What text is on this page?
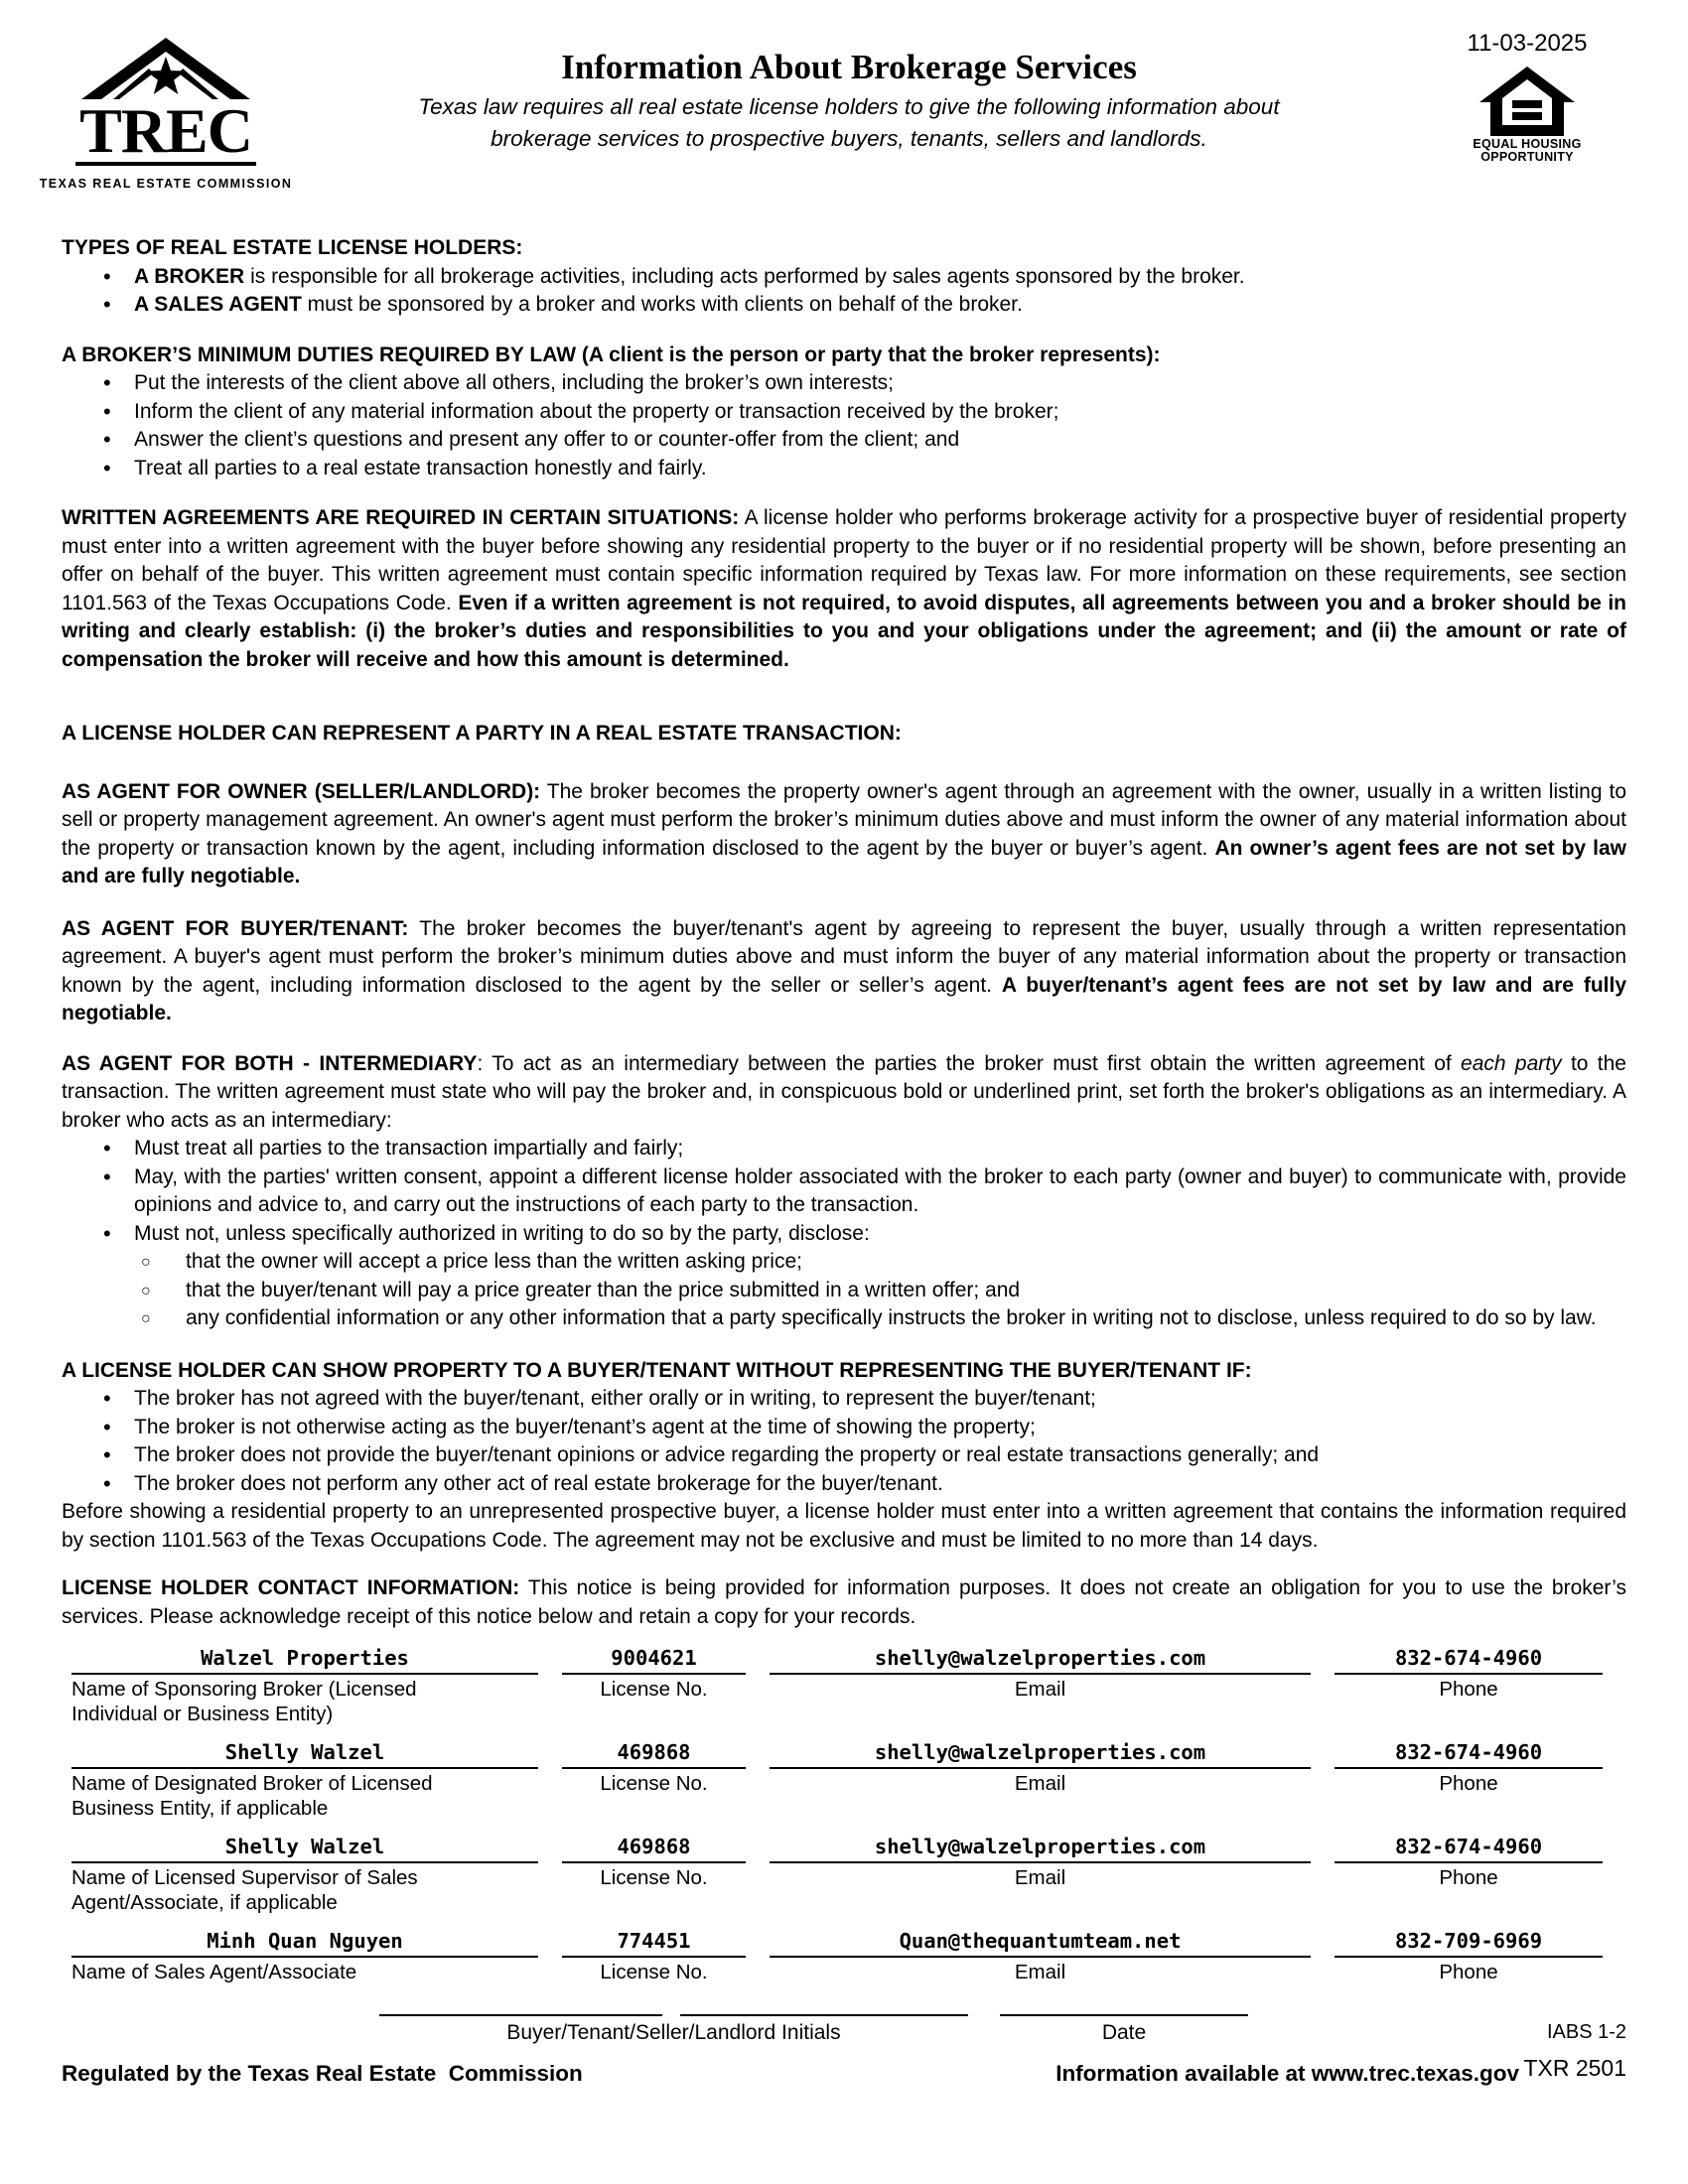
TREC
TEXAS REAL ESTATE COMMISSION
Information About Brokerage Services
Texas law requires all real estate license holders to give the following information about
brokerage services to prospective buyers, tenants, sellers and landlords.
11-03-2025
EQUAL HOUSING
OPPORTUNITY
TYPES OF REAL ESTATE LICENSE HOLDERS:
• A BROKER is responsible for all brokerage activities, including acts performed by sales agents sponsored by the broker.
• A SALES AGENT must be sponsored by a broker and works with clients on behalf of the broker.
A BROKER’S MINIMUM DUTIES REQUIRED BY LAW (A client is the person or party that the broker represents):
• Put the interests of the client above all others, including the broker’s own interests;
• Inform the client of any material information about the property or transaction received by the broker;
• Answer the client’s questions and present any offer to or counter-offer from the client; and
• Treat all parties to a real estate transaction honestly and fairly.

WRITTEN AGREEMENTS ARE REQUIRED IN CERTAIN SITUATIONS: A license holder who performs brokerage activity for a prospective buyer of residential property must enter into a written agreement with the buyer before showing any residential property to the buyer or if no residential property will be shown, before presenting an offer on behalf of the buyer. This written agreement must contain specific information required by Texas law. For more information on these requirements, see section 1101.563 of the Texas Occupations Code. Even if a written agreement is not required, to avoid disputes, all agreements between you and a broker should be in writing and clearly establish: (i) the broker’s duties and responsibilities to you and your obligations under the agreement; and (ii) the amount or rate of compensation the broker will receive and how this amount is determined.

A LICENSE HOLDER CAN REPRESENT A PARTY IN A REAL ESTATE TRANSACTION:

AS AGENT FOR OWNER (SELLER/LANDLORD): The broker becomes the property owner's agent through an agreement with the owner, usually in a written listing to sell or property management agreement. An owner's agent must perform the broker’s minimum duties above and must inform the owner of any material information about the property or transaction known by the agent, including information disclosed to the agent by the buyer or buyer’s agent. An owner’s agent fees are not set by law and are fully negotiable.

AS AGENT FOR BUYER/TENANT: The broker becomes the buyer/tenant's agent by agreeing to represent the buyer, usually through a written representation agreement. A buyer's agent must perform the broker’s minimum duties above and must inform the buyer of any material information about the property or transaction known by the agent, including information disclosed to the agent by the seller or seller’s agent. A buyer/tenant’s agent fees are not set by law and are fully negotiable.

AS AGENT FOR BOTH - INTERMEDIARY: To act as an intermediary between the parties the broker must first obtain the written agreement of each party to the transaction. The written agreement must state who will pay the broker and, in conspicuous bold or underlined print, set forth the broker's obligations as an intermediary. A broker who acts as an intermediary:

• Must treat all parties to the transaction impartially and fairly;
• May, with the parties' written consent, appoint a different license holder associated with the broker to each party (owner and buyer) to communicate with, provide opinions and advice to, and carry out the instructions of each party to the transaction.
• Must not, unless specifically authorized in writing to do so by the party, disclose:
○ that the owner will accept a price less than the written asking price;
○ that the buyer/tenant will pay a price greater than the price submitted in a written offer; and
○ any confidential information or any other information that a party specifically instructs the broker in writing not to disclose, unless required to do so by law.
A LICENSE HOLDER CAN SHOW PROPERTY TO A BUYER/TENANT WITHOUT REPRESENTING THE BUYER/TENANT IF:
• The broker has not agreed with the buyer/tenant, either orally or in writing, to represent the buyer/tenant;
• The broker is not otherwise acting as the buyer/tenant’s agent at the time of showing the property;
• The broker does not provide the buyer/tenant opinions or advice regarding the property or real estate transactions generally; and
• The broker does not perform any other act of real estate brokerage for the buyer/tenant.

Before showing a residential property to an unrepresented prospective buyer, a license holder must enter into a written agreement that contains the information required by section 1101.563 of the Texas Occupations Code. The agreement may not be exclusive and must be limited to no more than 14 days.

LICENSE HOLDER CONTACT INFORMATION: This notice is being provided for information purposes. It does not create an obligation for you to use the broker’s services. Please acknowledge receipt of this notice below and retain a copy for your records.

Walzel Properties
Name of Sponsoring Broker (Licensed Individual or Business Entity)
9004621
License No.
shelly@walzelproperties.com
Email
832-674-4960
Phone
Shelly Walzel
Name of Designated Broker of Licensed Business Entity, if applicable
469868
License No.
shelly@walzelproperties.com
Email
832-674-4960
Phone
Shelly Walzel
Name of Licensed Supervisor of Sales Agent/Associate, if applicable
469868
License No.
shelly@walzelproperties.com
Email
832-674-4960
Phone
Minh Quan Nguyen
Name of Sales Agent/Associate
774451
License No.
Quan@thequantumteam.net
Email
832-709-6969
Phone
Buyer/Tenant/Seller/Landlord Initials	Date
Regulated by the Texas Real Estate  Commission	Information available at www.trec.texas.gov
IABS 1-2
TXR 2501
